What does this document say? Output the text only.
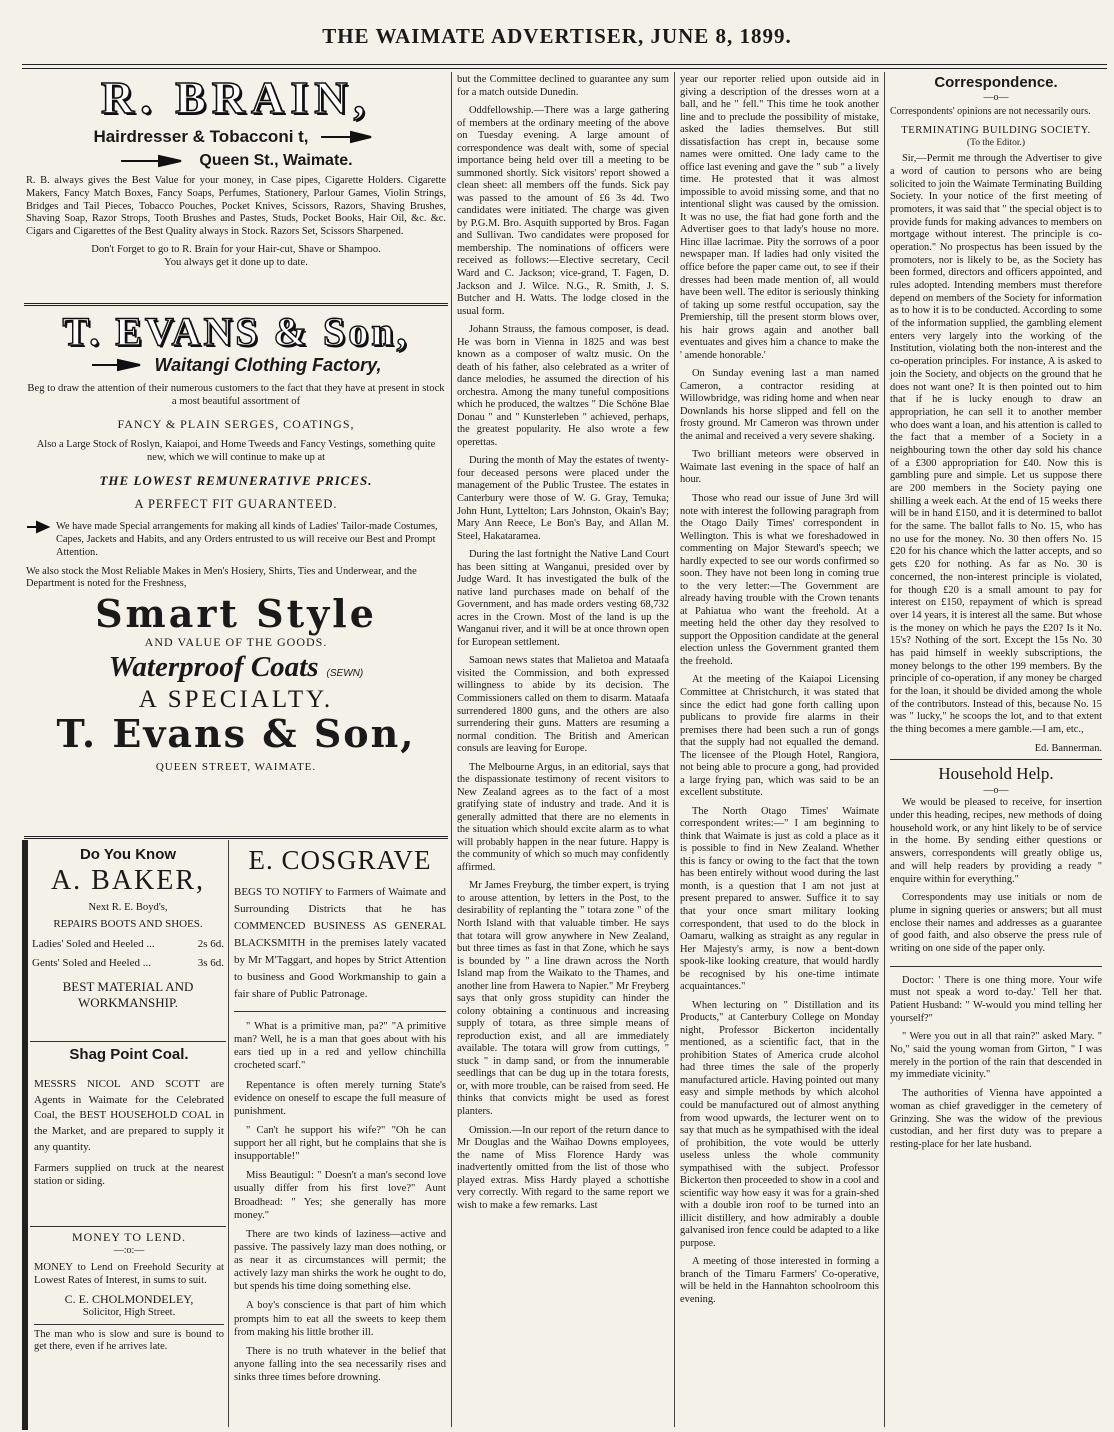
THE WAIMATE ADVERTISER, JUNE 8, 1899.
R. BRAIN,
Hairdresser & Tobacconi t,
Queen St., Waimate.
R. B. always gives the Best Value for your money, in Case pipes, Cigarette Holders. Cigarette Makers, Fancy Match Boxes, Fancy Soaps, Perfumes, Stationery, Parlour Games, Violin Strings, Bridges and Tail Pieces, Tobacco Pouches, Pocket Knives, Scissors, Razors, Shaving Brushes, Shaving Soap, Razor Strops, Tooth Brushes and Pastes, Studs, Pocket Books, Hair Oil, &c. &c. Cigars and Cigarettes of the Best Quality always in Stock. Razors Set, Scissors Sharpened.
Don't Forget to go to R. Brain for your Hair-cut, Shave or Shampoo.
You always get it done up to date.
T. EVANS & Son,
Waitangi Clothing Factory,
Beg to draw the attention of their numerous customers to the fact that they have at present in stock a most beautiful assortment of
FANCY & PLAIN SERGES, COATINGS,
Also a Large Stock of Roslyn, Kaiapoi, and Home Tweeds and Fancy Vestings, something quite new, which we will continue to make up at
THE LOWEST REMUNERATIVE PRICES.
A PERFECT FIT GUARANTEED.
We have made Special arrangements for making all kinds of Ladies' Tailor-made Costumes, Capes, Jackets and Habits, and any Orders entrusted to us will receive our Best and Prompt Attention.
We also stock the Most Reliable Makes in Men's Hosiery, Shirts, Ties and Underwear, and the Department is noted for the Freshness,
Smart Style
AND VALUE OF THE GOODS.
Waterproof Coats (SEWN)
A SPECIALTY.
T. Evans & Son,
QUEEN STREET, WAIMATE.
Do You Know
A. BAKER,
Next R. E. Boyd's,
REPAIRS BOOTS AND SHOES.
Ladies' Soled and Heeled ...	2s 6d.
Gents' Soled and Heeled ...	3s 6d.
BEST MATERIAL AND WORKMANSHIP.
Shag Point Coal.
MESSRS NICOL AND SCOTT are Agents in Waimate for the Celebrated Coal, the BEST HOUSEHOLD COAL in the Market, and are prepared to supply it any quantity.
Farmers supplied on truck at the nearest station or siding.
MONEY TO LEND.
—:o:—
MONEY to Lend on Freehold Security at Lowest Rates of Interest, in sums to suit.
C. E. CHOLMONDELEY,
Solicitor, High Street.
The man who is slow and sure is bound to get there, even if he arrives late.
E. COSGRAVE
BEGS TO NOTIFY to Farmers of Waimate and Surrounding Districts that he has COMMENCED BUSINESS AS GENERAL BLACKSMITH in the premises lately vacated by Mr M'Taggart, and hopes by Strict Attention to business and Good Workmanship to gain a fair share of Public Patronage.

" What is a primitive man, pa?" "A primitive man? Well, he is a man that goes about with his ears tied up in a red and yellow chinchilla crocheted scarf."

Repentance is often merely turning State's evidence on oneself to escape the full measure of punishment.

" Can't he support his wife?" "Oh he can support her all right, but he complains that she is insupportable!"

Miss Beautigul: " Doesn't a man's second love usually differ from his first love?" Aunt Broadhead: " Yes; she generally has more money."

There are two kinds of laziness—active and passive. The passively lazy man does nothing, or as near it as circumstances will permit; the actively lazy man shirks the work he ought to do, but spends his time doing something else.

A boy's conscience is that part of him which prompts him to eat all the sweets to keep them from making his little brother ill.

There is no truth whatever in the belief that anyone falling into the sea necessarily rises and sinks three times before drowning.

but the Committee declined to guarantee any sum for a match outside Dunedin.

Oddfellowship.—There was a large gathering of members at the ordinary meeting of the above on Tuesday evening. A large amount of correspondence was dealt with, some of special importance being held over till a meeting to be summoned shortly. Sick visitors' report showed a clean sheet: all members off the funds. Sick pay was passed to the amount of £6 3s 4d. Two candidates were initiated. The charge was given by P.G.M. Bro. Asquith supported by Bros. Fagan and Sullivan. Two candidates were proposed for membership. The nominations of officers were received as follows:—Elective secretary, Cecil Ward and C. Jackson; vice-grand, T. Fagen, D. Jackson and J. Wilce. N.G., R. Smith, J. S. Butcher and H. Watts. The lodge closed in the usual form.

Johann Strauss, the famous composer, is dead. He was born in Vienna in 1825 and was best known as a composer of waltz music. On the death of his father, also celebrated as a writer of dance melodies, he assumed the direction of his orchestra. Among the many tuneful compositions which he produced, the waltzes " Die Schöne Blae Donau " and " Kunsterleben " achieved, perhaps, the greatest popularity. He also wrote a few operettas.

During the month of May the estates of twenty-four deceased persons were placed under the management of the Public Trustee. The estates in Canterbury were those of W. G. Gray, Temuka; John Hunt, Lyttelton; Lars Johnston, Okain's Bay; Mary Ann Reece, Le Bon's Bay, and Allan M. Steel, Hakataramea.

During the last fortnight the Native Land Court has been sitting at Wanganui, presided over by Judge Ward. It has investigated the bulk of the native land purchases made on behalf of the Government, and has made orders vesting 68,732 acres in the Crown. Most of the land is up the Wanganui river, and it will be at once thrown open for European settlement.

Samoan news states that Malietoa and Mataafa visited the Commission, and both expressed willingness to abide by its decision. The Commissioners called on them to disarm. Mataafa surrendered 1800 guns, and the others are also surrendering their guns. Matters are resuming a normal condition. The British and American consuls are leaving for Europe.

The Melbourne Argus, in an editorial, says that the dispassionate testimony of recent visitors to New Zealand agrees as to the fact of a most gratifying state of industry and trade. And it is generally admitted that there are no elements in the situation which should excite alarm as to what will probably happen in the near future. Happy is the community of which so much may confidently affirmed.

Mr James Freyburg, the timber expert, is trying to arouse attention, by letters in the Post, to the desirability of replanting the " totara zone " of the North Island with that valuable timber. He says that totara will grow anywhere in New Zealand, but three times as fast in that Zone, which he says is bounded by " a line drawn across the North Island map from the Waikato to the Thames, and another line from Hawera to Napier." Mr Freyberg says that only gross stupidity can hinder the colony obtaining a continuous and increasing supply of totara, as three simple means of reproduction exist, and all are immediately available. The totara will grow from cuttings, " stuck " in damp sand, or from the innumerable seedlings that can be dug up in the totara forests, or, with more trouble, can be raised from seed. He thinks that convicts might be used as forest planters.

Omission.—In our report of the return dance to Mr Douglas and the Waihao Downs employees, the name of Miss Florence Hardy was inadvertently omitted from the list of those who played extras. Miss Hardy played a schottishe very correctly. With regard to the same report we wish to make a few remarks. Last

year our reporter relied upon outside aid in giving a description of the dresses worn at a ball, and he " fell." This time he took another line and to preclude the possibility of mistake, asked the ladies themselves. But still dissatisfaction has crept in, because some names were omitted. One lady came to the office last evening and gave the " sub " a lively time. He protested that it was almost impossible to avoid missing some, and that no intentional slight was caused by the omission. It was no use, the fiat had gone forth and the Advertiser goes to that lady's house no more. Hinc illae lacrimae. Pity the sorrows of a poor newspaper man. If ladies had only visited the office before the paper came out, to see if their dresses had been made mention of, all would have been well. The editor is seriously thinking of taking up some restful occupation, say the Premiership, till the present storm blows over, his hair grows again and another ball eventuates and gives him a chance to make the ' amende honorable.'

On Sunday evening last a man named Cameron, a contractor residing at Willowbridge, was riding home and when near Downlands his horse slipped and fell on the frosty ground. Mr Cameron was thrown under the animal and received a very severe shaking.

Two brilliant meteors were observed in Waimate last evening in the space of half an hour.

Those who read our issue of June 3rd will note with interest the following paragraph from the Otago Daily Times' correspondent in Wellington. This is what we foreshadowed in commenting on Major Steward's speech; we hardly expected to see our words confirmed so soon. They have not been long in coming true to the very letter:—The Government are already having trouble with the Crown tenants at Pahiatua who want the freehold. At a meeting held the other day they resolved to support the Opposition candidate at the general election unless the Government granted them the freehold.

At the meeting of the Kaiapoi Licensing Committee at Christchurch, it was stated that since the edict had gone forth calling upon publicans to provide fire alarms in their premises there had been such a run of gongs that the supply had not equalled the demand. The licensee of the Plough Hotel, Rangiora, not being able to procure a gong, had provided a large frying pan, which was said to be an excellent substitute.

The North Otago Times' Waimate correspondent writes:—" I am beginning to think that Waimate is just as cold a place as it is possible to find in New Zealand. Whether this is fancy or owing to the fact that the town has been entirely without wood during the last month, is a question that I am not just at present prepared to answer. Suffice it to say that your once smart military looking correspondent, that used to do the block in Oamaru, walking as straight as any regular in Her Majesty's army, is now a bent-down spook-like looking creature, that would hardly be recognised by his one-time intimate acquaintances."

When lecturing on " Distillation and its Products," at Canterbury College on Monday night, Professor Bickerton incidentally mentioned, as a scientific fact, that in the prohibition States of America crude alcohol had three times the sale of the properly manufactured article. Having pointed out many easy and simple methods by which alcohol could be manufactured out of almost anything from wood upwards, the lecturer went on to say that much as he sympathised with the ideal of prohibition, the vote would be utterly useless unless the whole community sympathised with the subject. Professor Bickerton then proceeded to show in a cool and scientific way how easy it was for a grain-shed with a double iron roof to be turned into an illicit distillery, and how admirably a double galvanised iron fence could be adapted to a like purpose.

A meeting of those interested in forming a branch of the Timaru Farmers' Co-operative, will be held in the Hannahton schoolroom this evening.

Correspondence.
—o—
Correspondents' opinions are not necessarily ours.
TERMINATING BUILDING SOCIETY.
(To the Editor.)

Sir,—Permit me through the Advertiser to give a word of caution to persons who are being solicited to join the Waimate Terminating Building Society. In your notice of the first meeting of promoters, it was said that " the special object is to provide funds for making advances to members on mortgage without interest. The principle is co-operation." No prospectus has been issued by the promoters, nor is likely to be, as the Society has been formed, directors and officers appointed, and rules adopted. Intending members must therefore depend on members of the Society for information as to how it is to be conducted. According to some of the information supplied, the gambling element enters very largely into the working of the Institution, violating both the non-interest and the co-operation principles. For instance, A is asked to join the Society, and objects on the ground that he does not want one? It is then pointed out to him that if he is lucky enough to draw an appropriation, he can sell it to another member who does want a loan, and his attention is called to the fact that a member of a Society in a neighbouring town the other day sold his chance of a £300 appropriation for £40. Now this is gambling pure and simple. Let us suppose there are 200 members in the Society paying one shilling a week each. At the end of 15 weeks there will be in hand £150, and it is determined to ballot for the same. The ballot falls to No. 15, who has no use for the money. No. 30 then offers No. 15 £20 for his chance which the latter accepts, and so gets £20 for nothing. As far as No. 30 is concerned, the non-interest principle is violated, for though £20 is a small amount to pay for interest on £150, repayment of which is spread over 14 years, it is interest all the same. But whose is the money on which he pays the £20? Is it No. 15's? Nothing of the sort. Except the 15s No. 30 has paid himself in weekly subscriptions, the money belongs to the other 199 members. By the principle of co-operation, if any money be charged for the loan, it should be divided among the whole of the contributors. Instead of this, because No. 15 was " lucky," he scoops the lot, and to that extent the thing becomes a mere gamble.—I am, etc.,

Ed. Bannerman.
Household Help.
—o—

We would be pleased to receive, for insertion under this heading, recipes, new methods of doing household work, or any hint likely to be of service in the home. By sending either questions or answers, correspondents will greatly oblige us, and will help readers by providing a ready " enquire within for everything."

Correspondents may use initials or nom de plume in signing queries or answers; but all must enclose their names and addresses as a guarantee of good faith, and also observe the press rule of writing on one side of the paper only.

Doctor: ' There is one thing more. Your wife must not speak a word to-day.' Tell her that. Patient Husband: " W-would you mind telling her yourself?"

" Were you out in all that rain?" asked Mary. " No," said the young woman from Girton, " I was merely in the portion of the rain that descended in my immediate vicinity."

The authorities of Vienna have appointed a woman as chief gravedigger in the cemetery of Grinzing. She was the widow of the previous custodian, and her first duty was to prepare a resting-place for her late husband.
